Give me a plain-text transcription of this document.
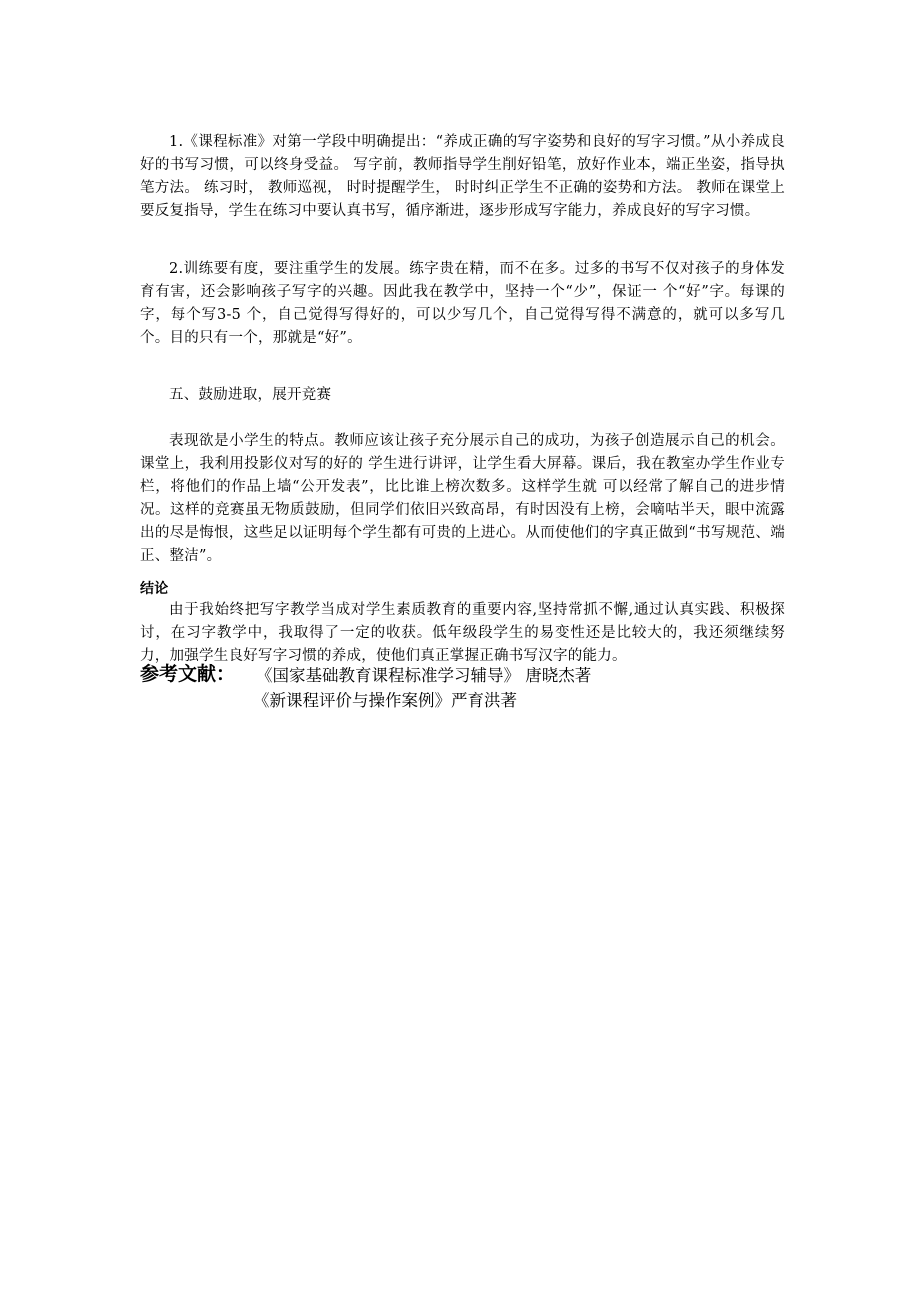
1.《课程标准》对第一学段中明确提出：“养成正确的写字姿势和良好的写字习惯。”从小养成良好的书写习惯，可以终身受益。 写字前，教师指导学生削好铅笔，放好作业本，端正坐姿，指导执笔方法。 练习时， 教师巡视， 时时提醒学生， 时时纠正学生不正确的姿势和方法。 教师在课堂上要反复指导，学生在练习中要认真书写，循序渐进，逐步形成写字能力，养成良好的写字习惯。

2.训练要有度，要注重学生的发展。练字贵在精，而不在多。过多的书写不仅对孩子的身体发育有害，还会影响孩子写字的兴趣。因此我在教学中，坚持一个“少”，保证一 个“好”字。每课的字，每个写3-5 个，自己觉得写得好的，可以少写几个，自己觉得写得不满意的，就可以多写几个。目的只有一个，那就是“好”。

五、鼓励进取，展开竞赛

表现欲是小学生的特点。教师应该让孩子充分展示自己的成功，为孩子创造展示自己的机会。课堂上，我利用投影仪对写的好的 学生进行讲评，让学生看大屏幕。课后，我在教室办学生作业专栏，将他们的作品上墙“公开发表”，比比谁上榜次数多。这样学生就 可以经常了解自己的进步情况。这样的竞赛虽无物质鼓励，但同学们依旧兴致高昂，有时因没有上榜，会嘀咕半天，眼中流露出的尽是悔恨，这些足以证明每个学生都有可贵的上进心。从而使他们的字真正做到“书写规范、端正、整洁”。

结论

由于我始终把写字教学当成对学生素质教育的重要内容,坚持常抓不懈,通过认真实践、积极探讨，在习字教学中，我取得了一定的收获。低年级段学生的易变性还是比较大的，我还须继续努力，加强学生良好写字习惯的养成，使他们真正掌握正确书写汉字的能力。

参考文献： 《国家基础教育课程标准学习辅导》 唐晓杰著

《新课程评价与操作案例》严育洪著
